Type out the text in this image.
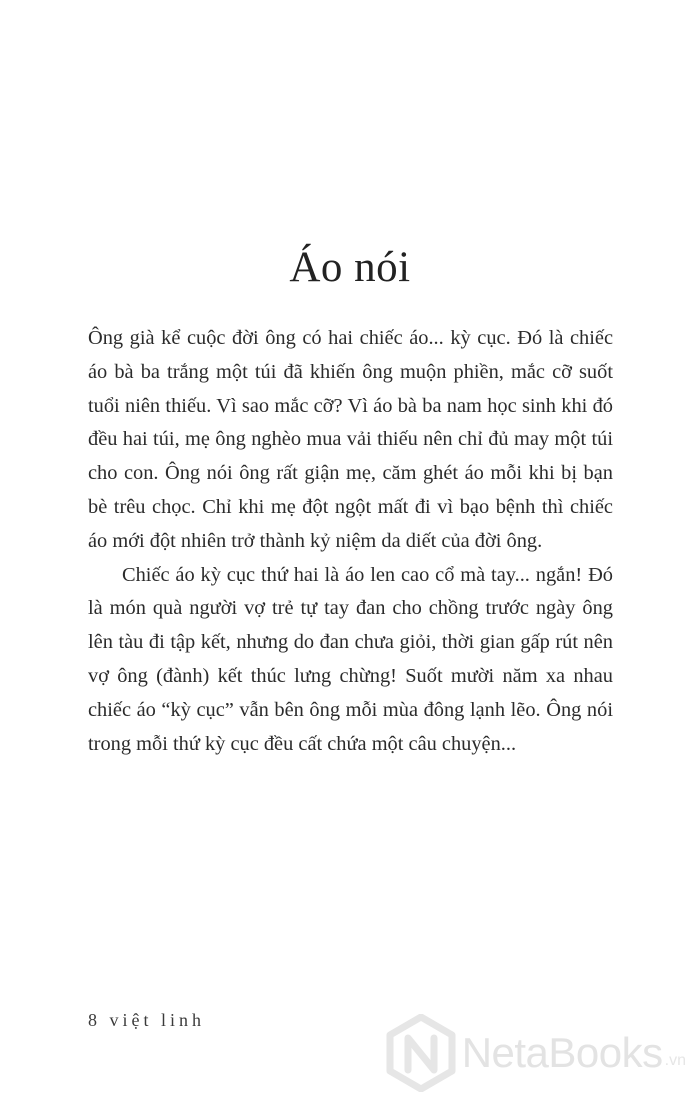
Áo nói

Ông già kể cuộc đời ông có hai chiếc áo... kỳ cục. Đó là chiếc áo bà ba trắng một túi đã khiến ông muộn phiền, mắc cỡ suốt tuổi niên thiếu. Vì sao mắc cỡ? Vì áo bà ba nam học sinh khi đó đều hai túi, mẹ ông nghèo mua vải thiếu nên chỉ đủ may một túi cho con. Ông nói ông rất giận mẹ, căm ghét áo mỗi khi bị bạn bè trêu chọc. Chỉ khi mẹ đột ngột mất đi vì bạo bệnh thì chiếc áo mới đột nhiên trở thành kỷ niệm da diết của đời ông.

Chiếc áo kỳ cục thứ hai là áo len cao cổ mà tay... ngắn! Đó là món quà người vợ trẻ tự tay đan cho chồng trước ngày ông lên tàu đi tập kết, nhưng do đan chưa giỏi, thời gian gấp rút nên vợ ông (đành) kết thúc lưng chừng! Suốt mười năm xa nhau chiếc áo “kỳ cục” vẫn bên ông mỗi mùa đông lạnh lẽo. Ông nói trong mỗi thứ kỳ cục đều cất chứa một câu chuyện...

8 việt linh
NetaBooks .vn
